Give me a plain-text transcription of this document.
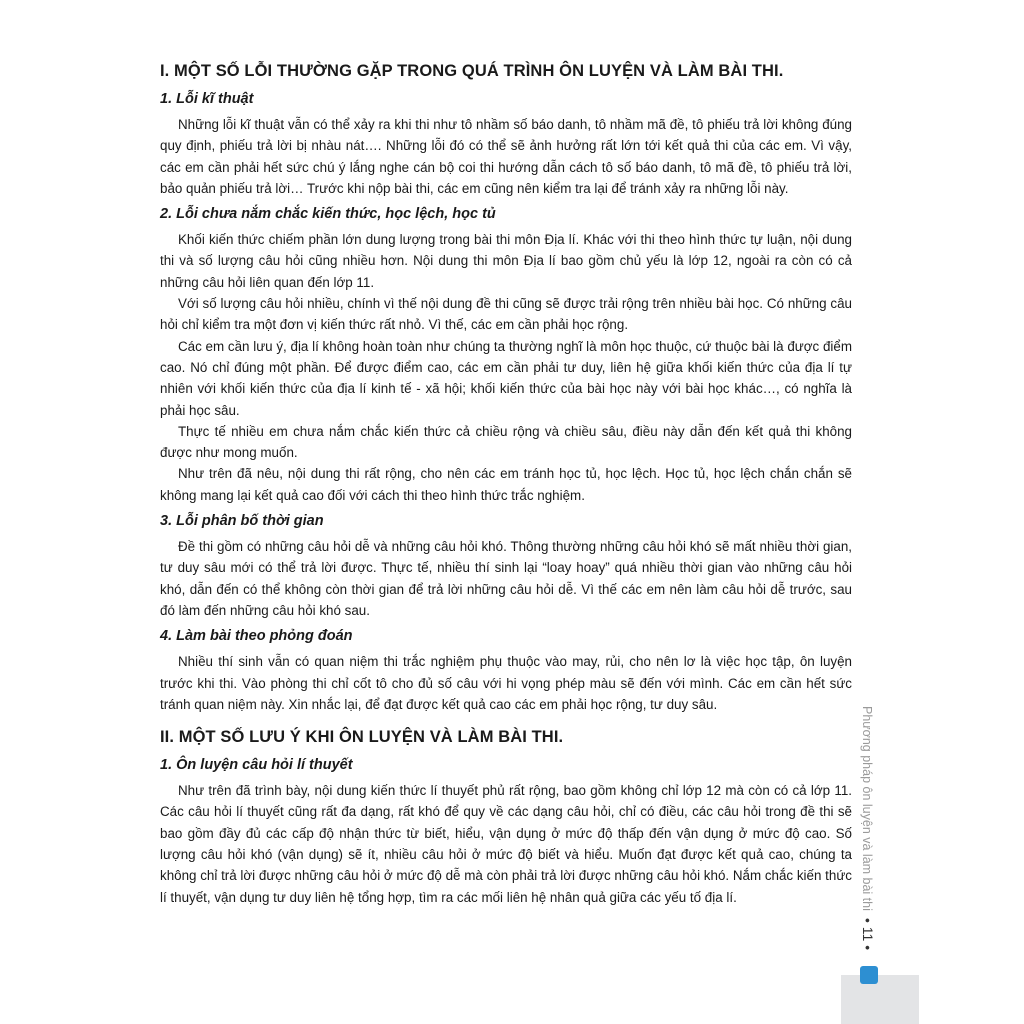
I. MỘT SỐ LỖI THƯỜNG GẶP TRONG QUÁ TRÌNH ÔN LUYỆN VÀ LÀM BÀI THI.
1. Lỗi kĩ thuật

Những lỗi kĩ thuật vẫn có thể xảy ra khi thi như tô nhầm số báo danh, tô nhầm mã đề, tô phiếu trả lời không đúng quy định, phiếu trả lời bị nhàu nát…. Những lỗi đó có thể sẽ ảnh hưởng rất lớn tới kết quả thi của các em. Vì vậy, các em cần phải hết sức chú ý lắng nghe cán bộ coi thi hướng dẫn cách tô số báo danh, tô mã đề, tô phiếu trả lời, bảo quản phiếu trả lời… Trước khi nộp bài thi, các em cũng nên kiểm tra lại để tránh xảy ra những lỗi này.

2. Lỗi chưa nắm chắc kiến thức, học lệch, học tủ

Khối kiến thức chiếm phần lớn dung lượng trong bài thi môn Địa lí. Khác với thi theo hình thức tự luận, nội dung thi và số lượng câu hỏi cũng nhiều hơn. Nội dung thi môn Địa lí bao gồm chủ yếu là lớp 12, ngoài ra còn có cả những câu hỏi liên quan đến lớp 11.

Với số lượng câu hỏi nhiều, chính vì thế nội dung đề thi cũng sẽ được trải rộng trên nhiều bài học. Có những câu hỏi chỉ kiểm tra một đơn vị kiến thức rất nhỏ. Vì thế, các em cần phải học rộng.

Các em cần lưu ý, địa lí không hoàn toàn như chúng ta thường nghĩ là môn học thuộc, cứ thuộc bài là được điểm cao. Nó chỉ đúng một phần. Để được điểm cao, các em cần phải tư duy, liên hệ giữa khối kiến thức của địa lí tự nhiên với khối kiến thức của địa lí kinh tế - xã hội; khối kiến thức của bài học này với bài học khác…, có nghĩa là phải học sâu.

Thực tế nhiều em chưa nắm chắc kiến thức cả chiều rộng và chiều sâu, điều này dẫn đến kết quả thi không được như mong muốn.

Như trên đã nêu, nội dung thi rất rộng, cho nên các em tránh học tủ, học lệch. Học tủ, học lệch chắn chắn sẽ không mang lại kết quả cao đối với cách thi theo hình thức trắc nghiệm.

3. Lỗi phân bố thời gian

Đề thi gồm có những câu hỏi dễ và những câu hỏi khó. Thông thường những câu hỏi khó sẽ mất nhiều thời gian, tư duy sâu mới có thể trả lời được. Thực tế, nhiều thí sinh lại “loay hoay” quá nhiều thời gian vào những câu hỏi khó, dẫn đến có thể không còn thời gian để trả lời những câu hỏi dễ. Vì thế các em nên làm câu hỏi dễ trước, sau đó làm đến những câu hỏi khó sau.

4. Làm bài theo phỏng đoán

Nhiều thí sinh vẫn có quan niệm thi trắc nghiệm phụ thuộc vào may, rủi, cho nên lơ là việc học tập, ôn luyện trước khi thi. Vào phòng thi chỉ cốt tô cho đủ số câu với hi vọng phép màu sẽ đến với mình. Các em cần hết sức tránh quan niệm này. Xin nhắc lại, để đạt được kết quả cao các em phải học rộng, tư duy sâu.

II. MỘT SỐ LƯU Ý KHI ÔN LUYỆN VÀ LÀM BÀI THI.
1. Ôn luyện câu hỏi lí thuyết

Như trên đã trình bày, nội dung kiến thức lí thuyết phủ rất rộng, bao gồm không chỉ lớp 12 mà còn có cả lớp 11. Các câu hỏi lí thuyết cũng rất đa dạng, rất khó để quy về các dạng câu hỏi, chỉ có điều, các câu hỏi trong đề thi sẽ bao gồm đầy đủ các cấp độ nhận thức từ biết, hiểu, vận dụng ở mức độ thấp đến vận dụng ở mức độ cao. Số lượng câu hỏi khó (vận dụng) sẽ ít, nhiều câu hỏi ở mức độ biết và hiểu. Muốn đạt được kết quả cao, chúng ta không chỉ trả lời được những câu hỏi ở mức độ dễ mà còn phải trả lời được những câu hỏi khó. Nắm chắc kiến thức lí thuyết, vận dụng tư duy liên hệ tổng hợp, tìm ra các mối liên hệ nhân quả giữa các yếu tố địa lí.	Phương pháp ôn luyện và làm bài thi
• 11 •
